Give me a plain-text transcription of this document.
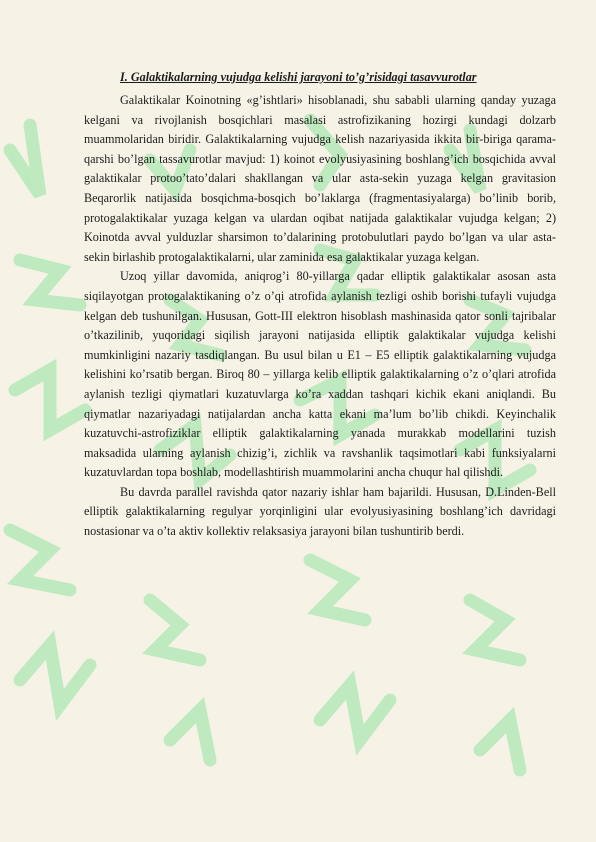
I. Galaktikalarning vujudga kelishi jarayoni to’g’risidagi tasavvurotlar

Galaktikalar Koinotning «g’ishtlari» hisoblanadi, shu sababli ularning qanday yuzaga kelgani va rivojlanish bosqichlari masalasi astrofizikaning hozirgi kundagi dolzarb muammolaridan biridir. Galaktikalarning vujudga kelish nazariyasida ikkita bir-biriga qarama-qarshi bo’lgan tassavurotlar mavjud: 1) koinot evolyusiyasining boshlang’ich bosqichida avval galaktikalar protoo’tato’dalari shakllangan va ular asta-sekin yuzaga kelgan gravitasion Beqarorlik natijasida bosqichma-bosqich bo’laklarga (fragmentasiyalarga) bo’linib borib, protogalaktikalar yuzaga kelgan va ulardan oqibat natijada galaktikalar vujudga kelgan; 2) Koinotda avval yulduzlar sharsimon to’dalarining protobulutlari paydo bo’lgan va ular asta-sekin birlashib protogalaktikalarni, ular zaminida esa galaktikalar yuzaga kelgan.

Uzoq yillar davomida, aniqrog’i 80-yillarga qadar elliptik galaktikalar asosan asta siqilayotgan protogalaktikaning o’z o’qi atrofida aylanish tezligi oshib borishi tufayli vujudga kelgan deb tushunilgan. Hususan, Gott-III elektron hisoblash mashinasida qator sonli tajribalar o’tkazilinib, yuqoridagi siqilish jarayoni natijasida elliptik galaktikalar vujudga kelishi mumkinligini nazariy tasdiqlangan. Bu usul bilan u E1 – E5 elliptik galaktikalarning vujudga kelishini ko’rsatib bergan. Biroq 80 – yillarga kelib elliptik galaktikalarning o’z o’qlari atrofida aylanish tezligi qiymatlari kuzatuvlarga ko’ra xaddan tashqari kichik ekani aniqlandi. Bu qiymatlar nazariyadagi natijalardan ancha katta ekani ma’lum bo’lib chikdi. Keyinchalik kuzatuvchi-astrofiziklar elliptik galaktikalarning yanada murakkab modellarini tuzish maksadida ularning aylanish chizig’i, zichlik va ravshanlik taqsimotlari kabi funksiyalarni kuzatuvlardan topa boshlab, modellashtirish muammolarini ancha chuqur hal qilishdi.

Bu davrda parallel ravishda qator nazariy ishlar ham bajarildi. Hususan, D.Linden-Bell elliptik galaktikalarning regulyar yorqinligini ular evolyusiyasining boshlang’ich davridagi nostasionar va o’ta aktiv kollektiv relaksasiya jarayoni bilan tushuntirib berdi.
